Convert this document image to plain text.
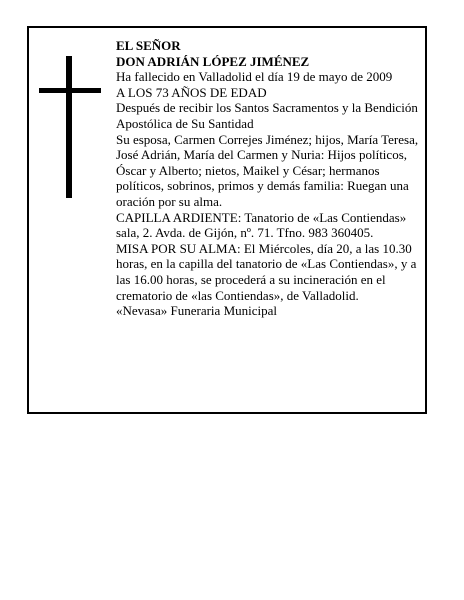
EL SEÑOR

DON ADRIÁN LÓPEZ JIMÉNEZ

Ha fallecido en Valladolid el día 19 de mayo de 2009

A LOS 73 AÑOS DE EDAD

Después de recibir los Santos Sacramentos y la Bendición Apostólica de Su Santidad

Su esposa, Carmen Correjes Jiménez; hijos, María Teresa, José Adrián, María del Carmen y Nuria: Hijos políticos, Óscar y Alberto; nietos, Maikel y César; hermanos políticos, sobrinos, primos y demás familia: Ruegan una oración por su alma.

CAPILLA ARDIENTE: Tanatorio de «Las Contiendas» sala, 2. Avda. de Gijón, nº. 71. Tfno. 983 360405.

MISA POR SU ALMA: El Miércoles, día 20, a las 10.30 horas, en la capilla del tanatorio de «Las Contiendas», y a las 16.00 horas, se procederá a su incineración en el crematorio de «las Contiendas», de Valladolid.

«Nevasa» Funeraria Municipal
